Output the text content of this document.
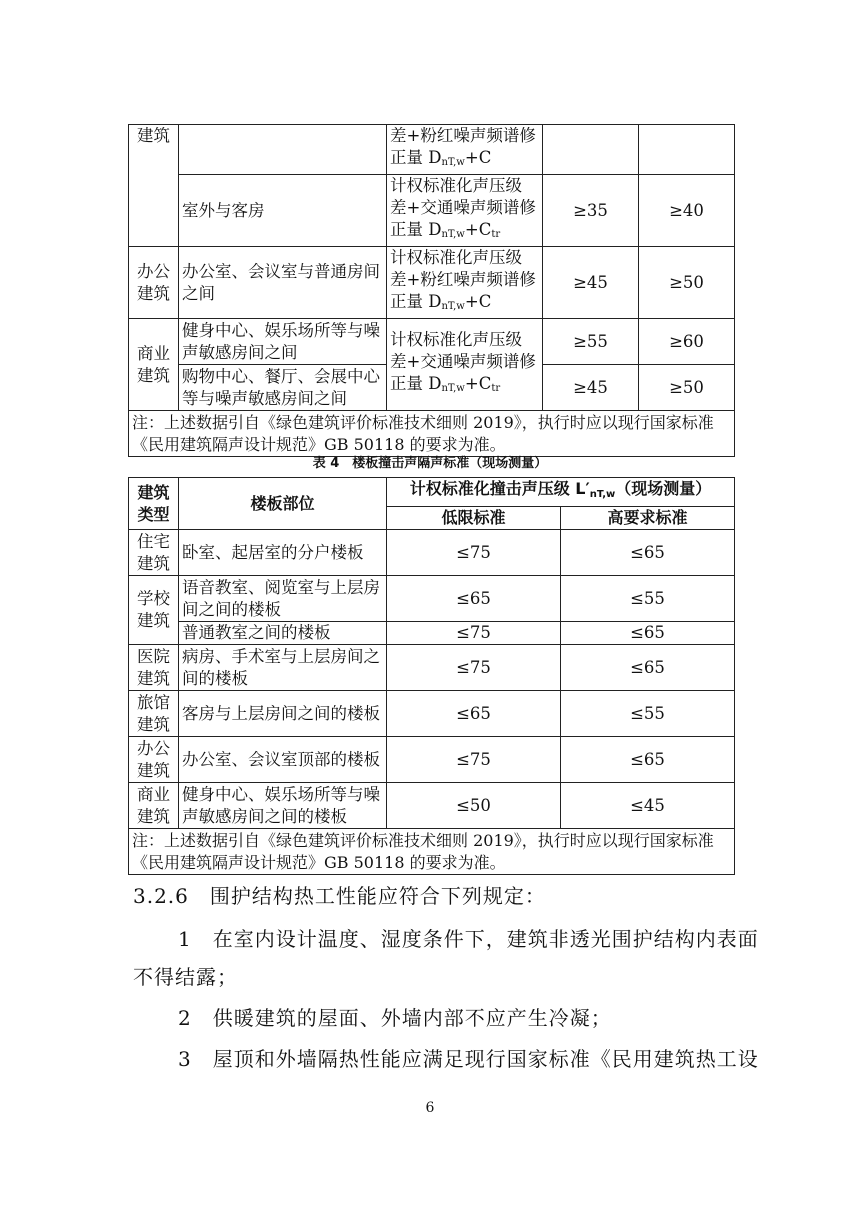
建筑		差+粉红噪声频谱修
正量 $D_{nT,w}+C$		
	室外与客房	计权标准化声压级
差+交通噪声频谱修
正量 $D_{nT,w}+C_{tr}$	≥35	≥40
办公建筑	办公室、会议室与普通房间之间	计权标准化声压级
差+粉红噪声频谱修
正量 $D_{nT,w}+C$	≥45	≥50
商业建筑	健身中心、娱乐场所等与噪声敏感房间之间	计权标准化声压级
差+交通噪声频谱修
正量 $D_{nT,w}+C_{tr}$	≥55	≥60
	购物中心、餐厅、会展中心等与噪声敏感房间之间		≥45	≥50
注：上述数据引自《绿色建筑评价标准技术细则 2019》，执行时应以现行国家标准《民用建筑隔声设计规范》GB 50118 的要求为准。				
表 4　楼板撞击声隔声标准（现场测量）
建筑类型	楼板部位	计权标准化撞击声压级 L′nT,w（现场测量）	
		低限标准	高要求标准
住宅建筑	卧室、起居室的分户楼板	≤75	≤65
学校建筑	语音教室、阅览室与上层房间之间的楼板	≤65	≤55
	普通教室之间的楼板	≤75	≤65
医院建筑	病房、手术室与上层房间之间的楼板	≤75	≤65
旅馆建筑	客房与上层房间之间的楼板	≤65	≤55
办公建筑	办公室、会议室顶部的楼板	≤75	≤65
商业建筑	健身中心、娱乐场所等与噪声敏感房间之间的楼板	≤50	≤45
注：上述数据引自《绿色建筑评价标准技术细则 2019》，执行时应以现行国家标准《民用建筑隔声设计规范》GB 50118 的要求为准。			
3.2.6　围护结构热工性能应符合下列规定：
1　在室内设计温度、湿度条件下，建筑非透光围护结构内表面
不得结露；
2　供暖建筑的屋面、外墙内部不应产生冷凝；
3　屋顶和外墙隔热性能应满足现行国家标准《民用建筑热工设
6
